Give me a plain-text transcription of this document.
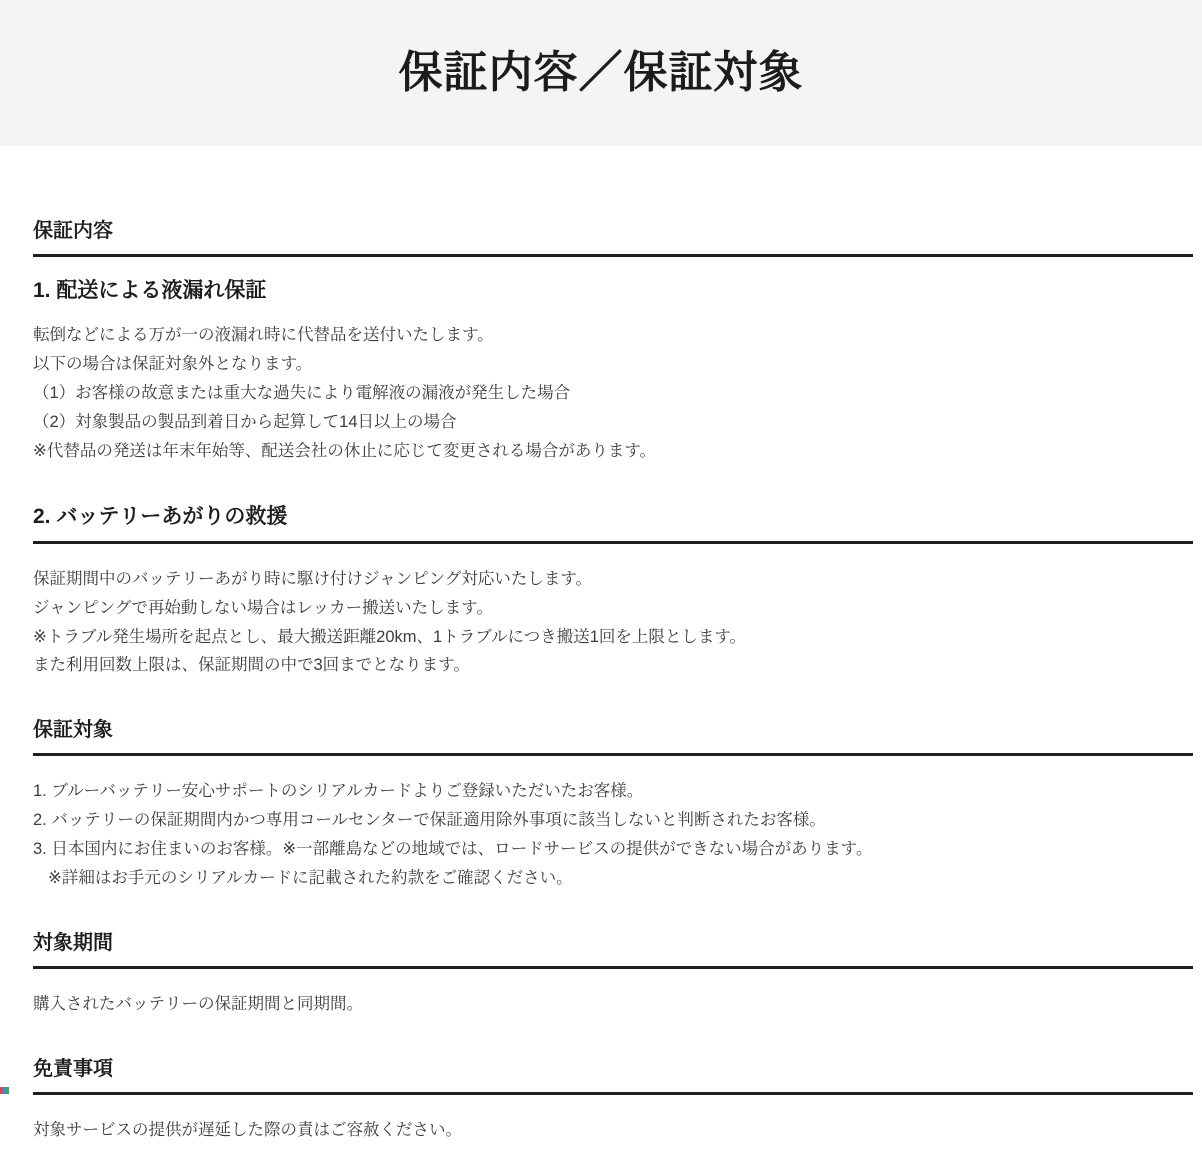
保証内容／保証対象
保証内容
1. 配送による液漏れ保証

転倒などによる万が一の液漏れ時に代替品を送付いたします。

以下の場合は保証対象外となります。

（1）お客様の故意または重大な過失により電解液の漏液が発生した場合

（2）対象製品の製品到着日から起算して14日以上の場合

※代替品の発送は年末年始等、配送会社の休止に応じて変更される場合があります。

2. バッテリーあがりの救援

保証期間中のバッテリーあがり時に駆け付けジャンピング対応いたします。

ジャンピングで再始動しない場合はレッカー搬送いたします。

※トラブル発生場所を起点とし、最大搬送距離20km、1トラブルにつき搬送1回を上限とします。

また利用回数上限は、保証期間の中で3回までとなります。

保証対象

1. ブルーバッテリー安心サポートのシリアルカードよりご登録いただいたお客様。

2. バッテリーの保証期間内かつ専用コールセンターで保証適用除外事項に該当しないと判断されたお客様。

3. 日本国内にお住まいのお客様。※一部離島などの地域では、ロードサービスの提供ができない場合があります。

※詳細はお手元のシリアルカードに記載された約款をご確認ください。

対象期間

購入されたバッテリーの保証期間と同期間。

免責事項

対象サービスの提供が遅延した際の責はご容赦ください。
